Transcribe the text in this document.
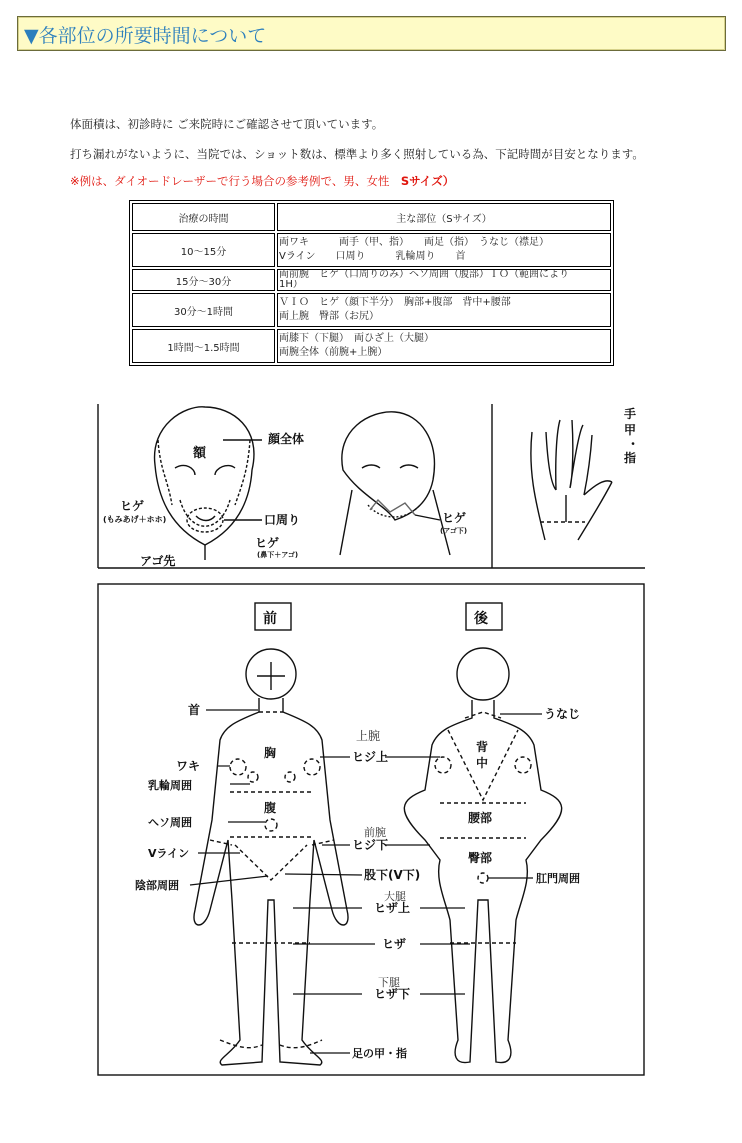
▼各部位の所要時間について
体面積は、初診時に ご来院時にご確認させて頂いています。
打ち漏れがないように、当院では、ショット数は、標準より多く照射している為、下記時間が目安となります。
※例は、ダイオードレーザーで行う場合の参考例で、男、女性　Sサイズ）
治療の時間	主な部位（Sサイズ）
10～15分	両ワキ　　　両手（甲、指）　　両足（指）　うなじ（襟足）
Vライン　　口周り　　　乳輪周り　　首

15分～30分	両前腕　ヒゲ（口周りのみ）ヘソ周囲（腹部）ＩＯ（範囲により
1H）

30分～1時間	ＶＩＯ　ヒゲ（顔下半分）　胸部+腹部　背中+腰部
両上腕　臀部（お尻）

1時間～1.5時間	両膝下（下腿）　両ひざ上（大腿）
両腕全体（前腕+上腕）
顔全体
額
ヒゲ
(もみあげ＋ホホ)	口周り
ヒゲ
(鼻下＋アゴ)
アゴ先
ヒゲ
(アゴ下)
手
甲
・
指
前	後
首
ワキ
乳輪周囲
ヘソ周囲
Vライン
陰部周囲
胸
腹
ヒジ上
ヒジ下
股下(V下)
ヒザ上
ヒザ
ヒザ下
足の甲・指
うなじ
背
中
腰部
臀部
肛門周囲
上腕
前腕
大腿
下腿
